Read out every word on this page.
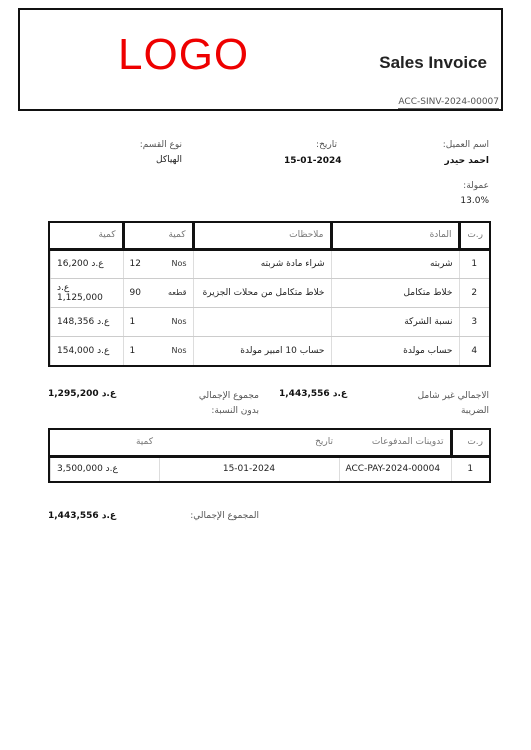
LOGO	Sales Invoice
ACC-SINV-2024-00007
اسم العميل:
احمد حيدر
تاريخ:
15-01-2024
نوع القسم:
الهياكل
عمولة:
13.0%
ر.ت	المادة	ملاحظات	كمية	كمية
1	شربته	شراء مادة شربته	12 Nos	ع.د 16,200
2	خلاط متكامل	خلاط متكامل من محلات الجزيرة	90 قطعه	ع.د 1,125,000
3	نسبة الشركة		1 Nos	ع.د 148,356
4	حساب مولدة	حساب 10 امبير مولدة	1 Nos	ع.د 154,000
الاجمالي غير شامل
الضريبة
ع.د 1,443,556
مجموع الإجمالي
بدون النسبة:
1,295,200 ع.د
ر.ت	تدوينات المدفوعات	تاريخ	كمية
1	ACC-PAY-2024-00004	15-01-2024	ع.د 3,500,000
المجموع الإجمالي:
ع.د 1,443,556
